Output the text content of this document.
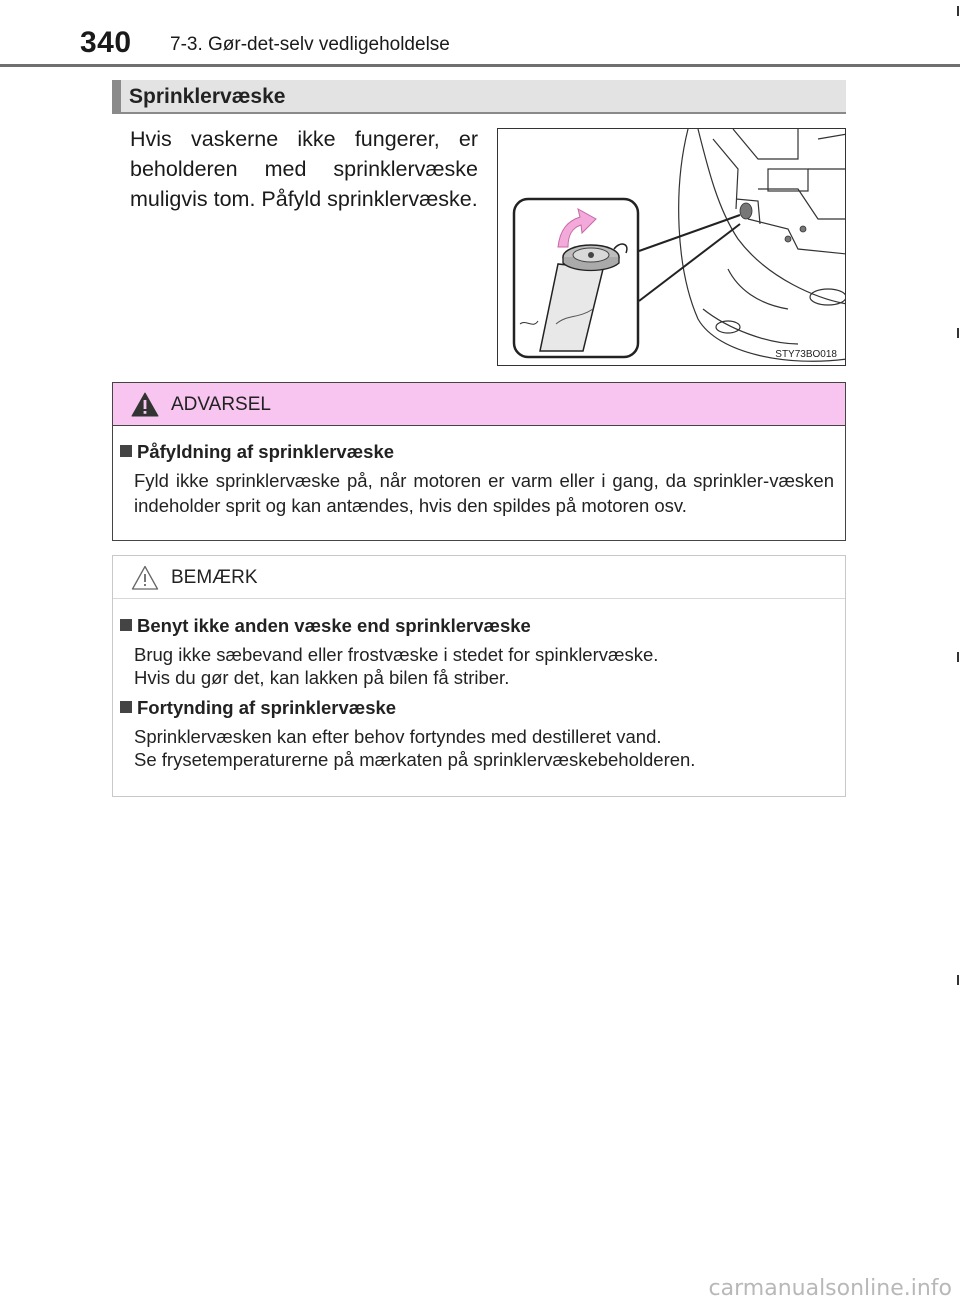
340 7-3. Gør-det-selv vedligeholdelse
Sprinklervæske

Hvis vaskerne ikke fungerer, er beholderen med sprinklervæske muligvis tom. Påfyld sprinklervæske.

STY73BO018
ADVARSEL
Påfyldning af sprinklervæske

Fyld ikke sprinklervæske på, når motoren er varm eller i gang, da sprinkler-væsken indeholder sprit og kan antændes, hvis den spildes på motoren osv.

BEMÆRK
Benyt ikke anden væske end sprinklervæske

Brug ikke sæbevand eller frostvæske i stedet for spinklervæske.

Hvis du gør det, kan lakken på bilen få striber.

Fortynding af sprinklervæske

Sprinklervæsken kan efter behov fortyndes med destilleret vand.

Se frysetemperaturerne på mærkaten på sprinklervæskebeholderen.

carmanualsonline.info
